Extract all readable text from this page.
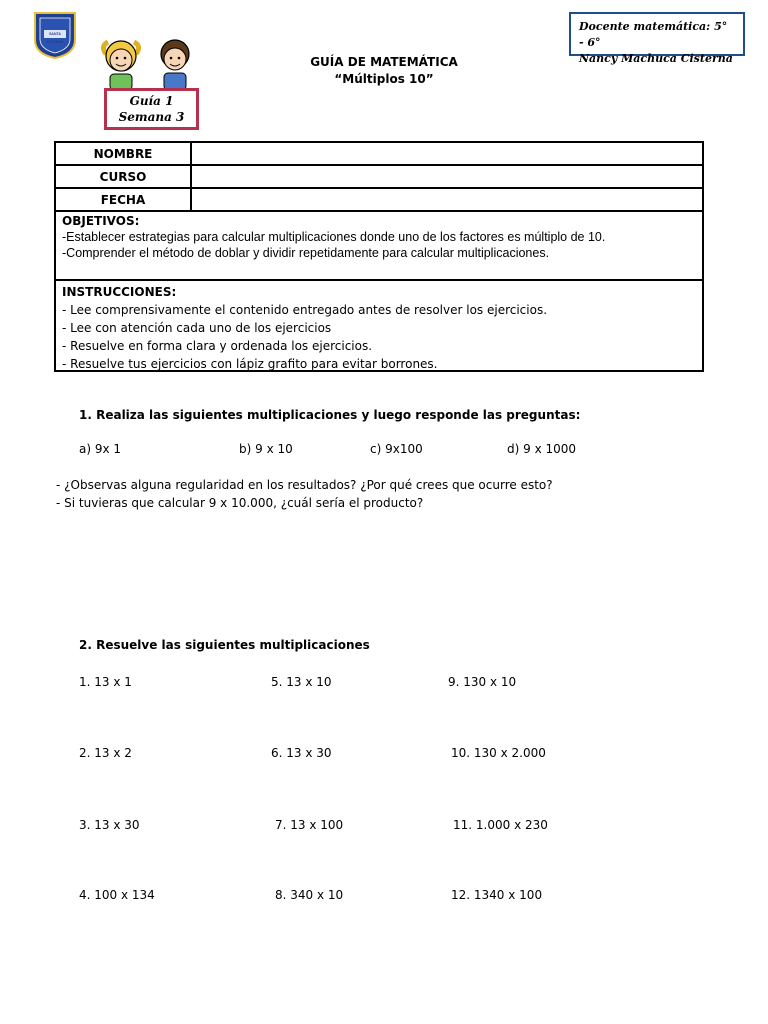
SANTA VICTORIA
Guía 1
Semana 3
Docente matemática: 5° - 6°
Nancy Machuca Cisterna
GUÍA DE MATEMÁTICA
“Múltiplos 10”
NOMBRE	
CURSO	
FECHA	
OBJETIVOS:
-Establecer estrategias para calcular multiplicaciones donde uno de los factores es múltiplo de 10.
-Comprender el método de doblar y dividir repetidamente para calcular multiplicaciones.
INSTRUCCIONES:
- Lee comprensivamente el contenido entregado antes de resolver los ejercicios.
- Lee con atención cada uno de los ejercicios
- Resuelve en forma clara y ordenada los ejercicios.
- Resuelve tus ejercicios con lápiz grafito para evitar borrones.
1. Realiza las siguientes multiplicaciones y luego responde las preguntas:
a) 9x 1	b) 9 x 10	c) 9x100	d) 9 x 1000
- ¿Observas alguna regularidad en los resultados? ¿Por qué crees que ocurre esto?
- Si tuvieras que calcular 9 x 10.000, ¿cuál sería el producto?
2. Resuelve las siguientes multiplicaciones
1. 13 x 1	5. 13 x 10	9. 130 x 10
2. 13 x 2	6. 13 x 30	10. 130 x 2.000
3. 13 x 30	7. 13 x 100	11. 1.000 x 230
4. 100 x 134	8. 340 x 10	12. 1340 x 100
